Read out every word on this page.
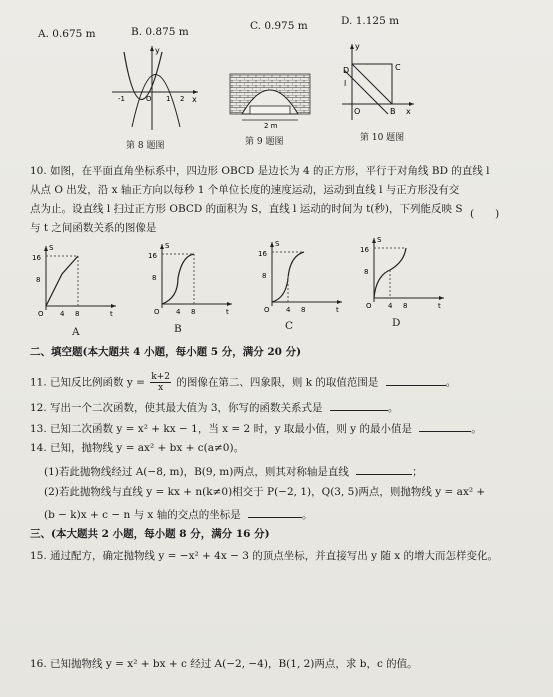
A. 0.675 m	B. 0.875 m	C. 0.975 m	D. 1.125 m
y
x
-1	O 1 2
2 m
y
D	C
B
O	x
l
第 8 题图	第 9 题图	第 10 题图
10. 如图，在平面直角坐标系中，四边形 OBCD 是边长为 4 的正方形，平行于对角线 BD 的直线 l
从点 O 出发，沿 x 轴正方向以每秒 1 个单位长度的速度运动，运动到直线 l 与正方形没有交
点为止。设直线 l 扫过正方形 OBCD 的面积为 S，直线 l 运动的时间为 t(秒)，下列能反映 S
与 t 之间函数关系的图像是
(　　)
16
8
S
O 4 8	t
16
8
S
O 4 8	t
16
8
S
O 4 8	t
16
8
S
O 4 8	t
A	B	C	D
二、填空题(本大题共 4 小题，每小题 5 分，满分 20 分)
11. 已知反比例函数 $y = \frac{k+2}{x}$ 的图像在第二、四象限，则 k 的取值范围是	。
12. 写出一个二次函数，使其最大值为 3，你写的函数关系式是	。
13. 已知二次函数 y = x² + kx − 1，当 x = 2 时，y 取最小值，则 y 的最小值是	。
14. 已知，抛物线 y = ax² + bx + c(a≠0)。
(1)若此抛物线经过 A(−8, m)，B(9, m)两点，则其对称轴是直线	；
(2)若此抛物线与直线 y = kx + n(k≠0)相交于 P(−2, 1)，Q(3, 5)两点，则抛物线 y = ax² +
(b − k)x + c − n 与 x 轴的交点的坐标是	。
三、(本大题共 2 小题，每小题 8 分，满分 16 分)
15. 通过配方，确定抛物线 y = −x² + 4x − 3 的顶点坐标，并直接写出 y 随 x 的增大而怎样变化。
16. 已知抛物线 y = x² + bx + c 经过 A(−2, −4)，B(1, 2)两点，求 b，c 的值。
